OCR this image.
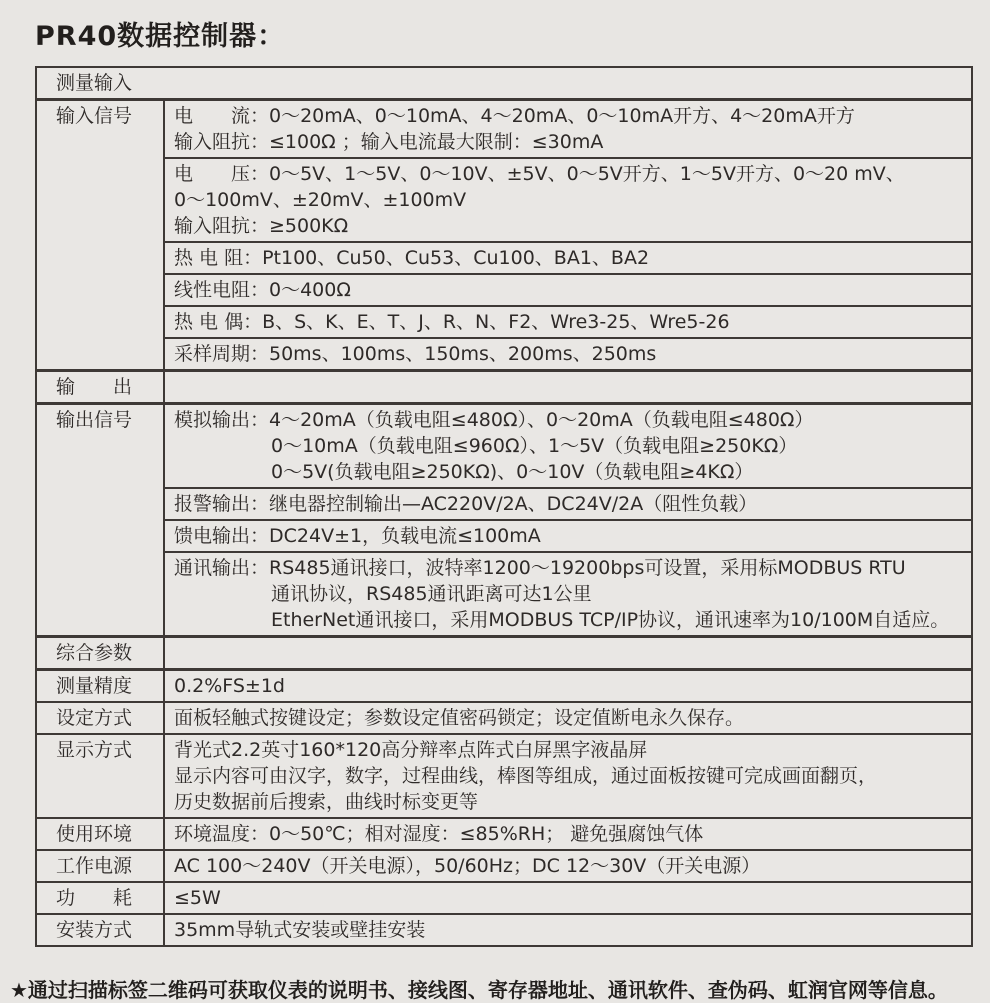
PR40数据控制器：
测量输入
输入信号	电　　流：0～20mA、0～10mA、4～20mA、0～10mA开方、4～20mA开方
输入阻抗：≤100Ω ；输入电流最大限制：≤30mA
电　　压：0～5V、1～5V、0～10V、±5V、0～5V开方、1～5V开方、0～20 mV、
0～100mV、±20mV、±100mV
输入阻抗：≥500KΩ
热 电 阻：Pt100、Cu50、Cu53、Cu100、BA1、BA2
线性电阻：0～400Ω
热 电 偶：B、S、K、E、T、J、R、N、F2、Wre3-25、Wre5-26
采样周期：50ms、100ms、150ms、200ms、250ms
输　　出
输出信号	模拟输出：4～20mA（负载电阻≤480Ω）、0～20mA（负载电阻≤480Ω）
0～10mA（负载电阻≤960Ω）、1～5V（负载电阻≥250KΩ）
0～5V(负载电阻≥250KΩ)、0～10V（负载电阻≥4KΩ）
报警输出：继电器控制输出—AC220V/2A、DC24V/2A（阻性负载）
馈电输出：DC24V±1，负载电流≤100mA
通讯输出：RS485通讯接口，波特率1200～19200bps可设置，采用标MODBUS RTU
通讯协议，RS485通讯距离可达1公里
EtherNet通讯接口，采用MODBUS TCP/IP协议，通讯速率为10/100M自适应。
综合参数
测量精度	0.2%FS±1d
设定方式	面板轻触式按键设定；参数设定值密码锁定；设定值断电永久保存。
显示方式	背光式2.2英寸160*120高分辩率点阵式白屏黑字液晶屏
显示内容可由汉字，数字，过程曲线，棒图等组成，通过面板按键可完成画面翻页，
历史数据前后搜索，曲线时标变更等
使用环境	环境温度：0～50℃；相对湿度：≤85%RH； 避免强腐蚀气体
工作电源	AC 100～240V（开关电源），50/60Hz；DC 12～30V（开关电源）
功　　耗	≤5W
安装方式	35mm导轨式安装或壁挂安装

★通过扫描标签二维码可获取仪表的说明书、接线图、寄存器地址、通讯软件、查伪码、虹润官网等信息。
